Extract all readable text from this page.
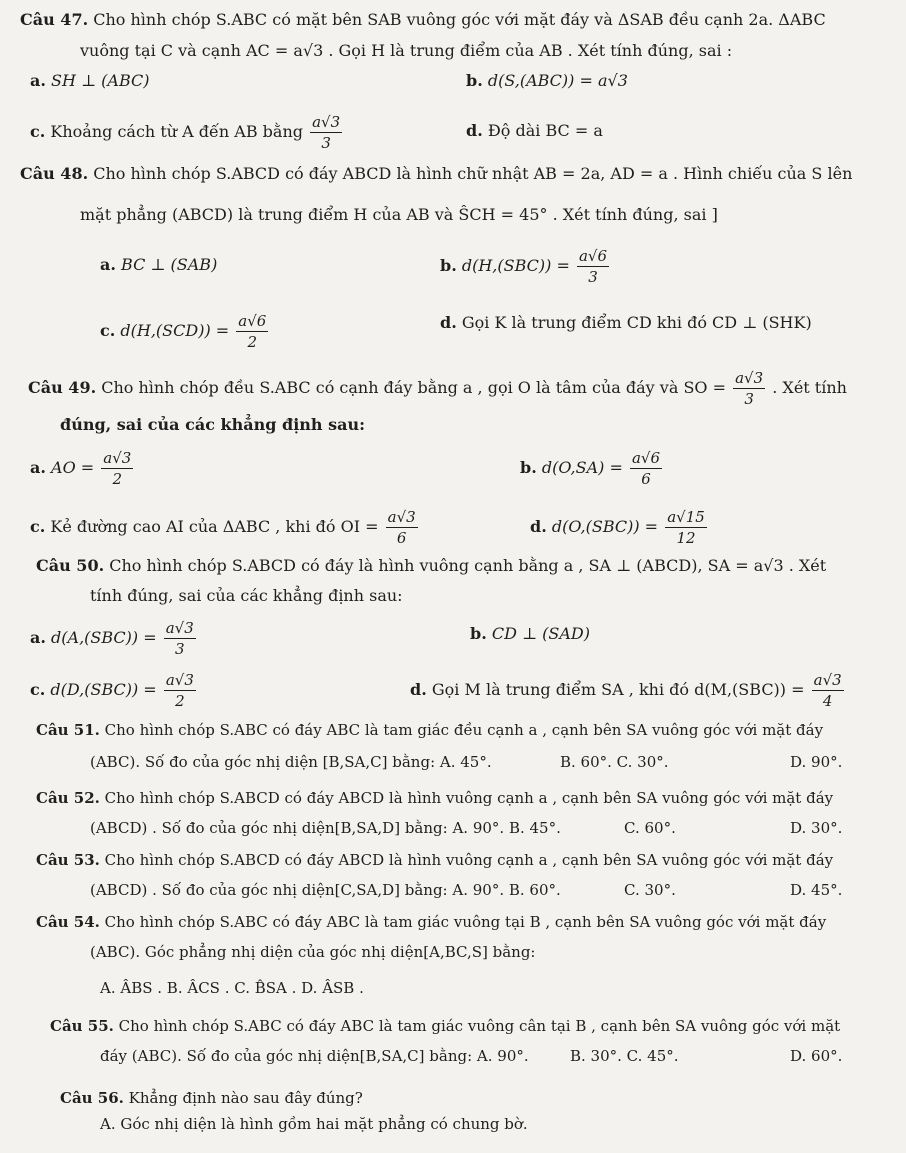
Câu 47. Cho hình chóp S.ABC có mặt bên SAB vuông góc với mặt đáy và ΔSAB đều cạnh 2a. ΔABC
vuông tại C và cạnh AC = a√3 . Gọi H là trung điểm của AB . Xét tính đúng, sai :
a. SH ⊥ (ABC)	b. d(S,(ABC)) = a√3
c. Khoảng cách từ A đến AB bằng $\frac{a√3}{3}$	d. Độ dài BC = a
Câu 48. Cho hình chóp S.ABCD có đáy ABCD là hình chữ nhật AB = 2a, AD = a . Hình chiếu của S lên
mặt phẳng (ABCD) là trung điểm H của AB và ŜCH = 45° . Xét tính đúng, sai ]
a. BC ⊥ (SAB)	b. $d(H,(SBC)) = \frac{a√6}{3}$
c. $d(H,(SCD)) = \frac{a√6}{2}$	d. Gọi K là trung điểm CD khi đó CD ⊥ (SHK)
Câu 49. Cho hình chóp đều S.ABC có cạnh đáy bằng a , gọi O là tâm của đáy và SO = $\frac{a√3}{3}$ . Xét tính
đúng, sai của các khẳng định sau:
a. AO = $\frac{a√3}{2}$	b. $d(O,SA) = \frac{a√6}{6}$
c. Kẻ đường cao AI của ΔABC , khi đó OI = $\frac{a√3}{6}$	d. $d(O,(SBC)) = \frac{a√15}{12}$
Câu 50. Cho hình chóp S.ABCD có đáy là hình vuông cạnh bằng a , SA ⊥ (ABCD), SA = a√3 . Xét
tính đúng, sai của các khẳng định sau:
a. $d(A,(SBC)) = \frac{a√3}{3}$	b. CD ⊥ (SAD)
c. $d(D,(SBC)) = \frac{a√3}{2}$	d. Gọi M là trung điểm SA , khi đó $d(M,(SBC)) = \frac{a√3}{4}$
Câu 51. Cho hình chóp S.ABC có đáy ABC là tam giác đều cạnh a , cạnh bên SA vuông góc với mặt đáy
(ABC). Số đo của góc nhị diện [B,SA,C] bằng: A. 45°.	B. 60°. C. 30°.	D. 90°.
Câu 52. Cho hình chóp S.ABCD có đáy ABCD là hình vuông cạnh a , cạnh bên SA vuông góc với mặt đáy
(ABCD) . Số đo của góc nhị diện[B,SA,D] bằng: A. 90°. B. 45°.	C. 60°.	D. 30°.
Câu 53. Cho hình chóp S.ABCD có đáy ABCD là hình vuông cạnh a , cạnh bên SA vuông góc với mặt đáy
(ABCD) . Số đo của góc nhị diện[C,SA,D] bằng: A. 90°. B. 60°.	C. 30°.	D. 45°.
Câu 54. Cho hình chóp S.ABC có đáy ABC là tam giác vuông tại B , cạnh bên SA vuông góc với mặt đáy
(ABC). Góc phẳng nhị diện của góc nhị diện[A,BC,S] bằng:
A. ÂBS . B. ÂCS . C. B̂SA . D. ÂSB .
Câu 55. Cho hình chóp S.ABC có đáy ABC là tam giác vuông cân tại B , cạnh bên SA vuông góc với mặt
đáy (ABC). Số đo của góc nhị diện[B,SA,C] bằng: A. 90°.	B. 30°. C. 45°.	D. 60°.
Câu 56. Khẳng định nào sau đây đúng?
A. Góc nhị diện là hình gồm hai mặt phẳng có chung bờ.
